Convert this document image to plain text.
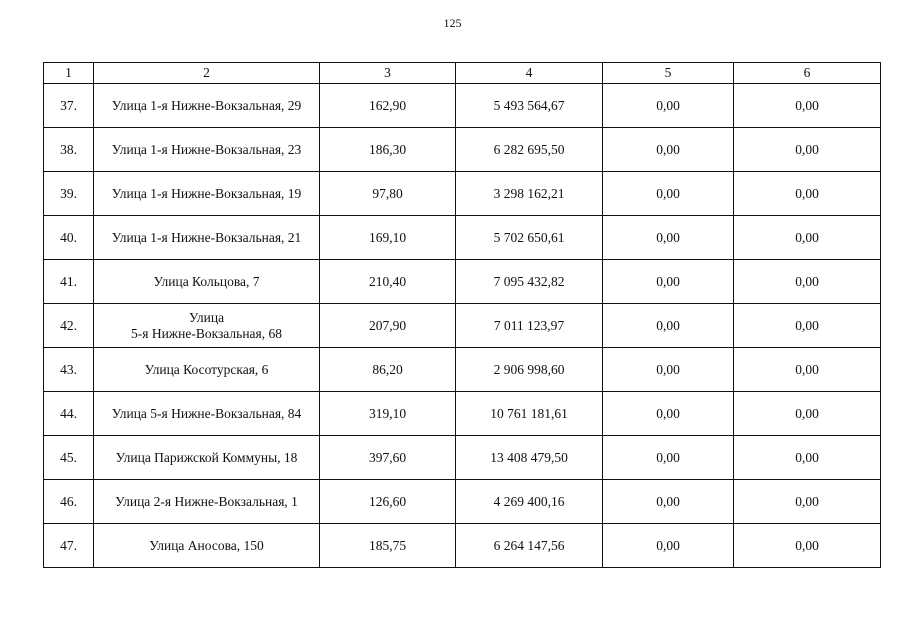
125
1	2	3	4	5	6
37.	Улица 1-я Нижне-Вокзальная, 29	162,90	5 493 564,67	0,00	0,00
38.	Улица 1-я Нижне-Вокзальная, 23	186,30	6 282 695,50	0,00	0,00
39.	Улица 1-я Нижне-Вокзальная, 19	97,80	3 298 162,21	0,00	0,00
40.	Улица 1-я Нижне-Вокзальная, 21	169,10	5 702 650,61	0,00	0,00
41.	Улица Кольцова, 7	210,40	7 095 432,82	0,00	0,00
42.	Улица
5-я Нижне-Вокзальная, 68	207,90	7 011 123,97	0,00	0,00
43.	Улица Косотурская, 6	86,20	2 906 998,60	0,00	0,00
44.	Улица 5-я Нижне-Вокзальная, 84	319,10	10 761 181,61	0,00	0,00
45.	Улица Парижской Коммуны, 18	397,60	13 408 479,50	0,00	0,00
46.	Улица 2-я Нижне-Вокзальная, 1	126,60	4 269 400,16	0,00	0,00
47.	Улица Аносова, 150	185,75	6 264 147,56	0,00	0,00
